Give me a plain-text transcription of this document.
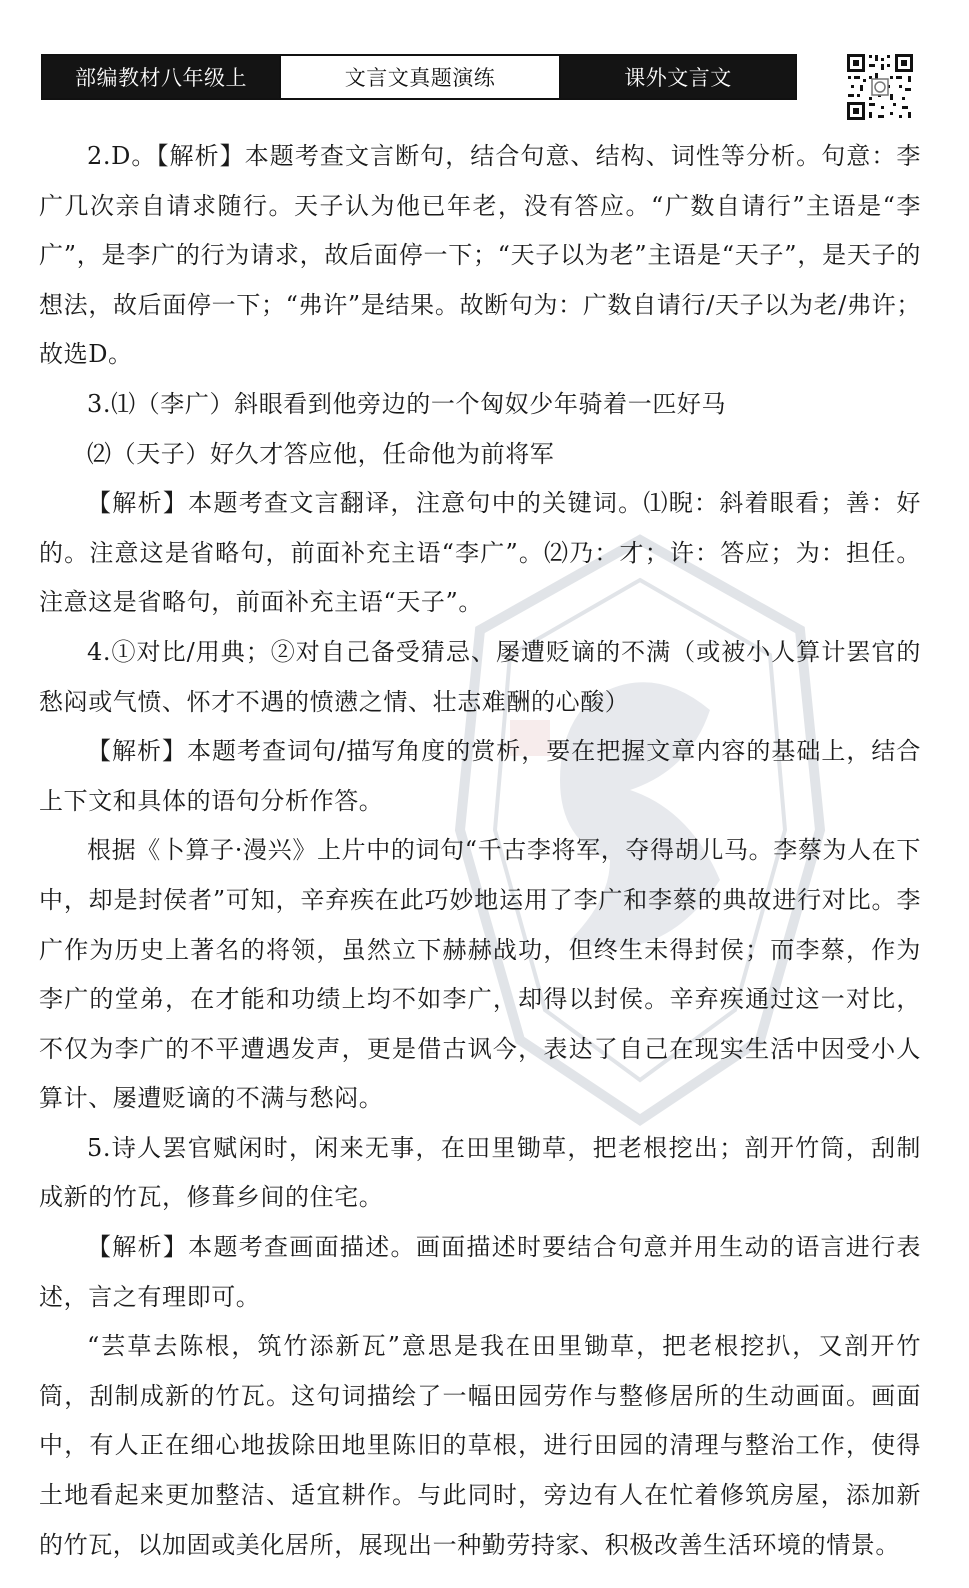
部编教材八年级上	文言文真题演练	课外文言文

2.D。【解析】本题考查文言断句，结合句意、结构、词性等分析。句意：李广几次亲自请求随行。天子认为他已年老，没有答应。“广数自请行”主语是“李广”，是李广的行为请求，故后面停一下；“天子以为老”主语是“天子”，是天子的想法，故后面停一下；“弗许”是结果。故断句为：广数自请行/天子以为老/弗许；故选D。

3.⑴（李广）斜眼看到他旁边的一个匈奴少年骑着一匹好马

⑵（天子）好久才答应他，任命他为前将军

【解析】本题考查文言翻译，注意句中的关键词。⑴睨：斜着眼看；善：好的。注意这是省略句，前面补充主语“李广”。⑵乃：才；许：答应；为：担任。注意这是省略句，前面补充主语“天子”。

4.①对比/用典；②对自己备受猜忌、屡遭贬谪的不满（或被小人算计罢官的愁闷或气愤、怀才不遇的愤懑之情、壮志难酬的心酸）

【解析】本题考查词句/描写角度的赏析，要在把握文章内容的基础上，结合上下文和具体的语句分析作答。

根据《卜算子·漫兴》上片中的词句“千古李将军，夺得胡儿马。李蔡为人在下中，却是封侯者”可知，辛弃疾在此巧妙地运用了李广和李蔡的典故进行对比。李广作为历史上著名的将领，虽然立下赫赫战功，但终生未得封侯；而李蔡，作为李广的堂弟，在才能和功绩上均不如李广，却得以封侯。辛弃疾通过这一对比，不仅为李广的不平遭遇发声，更是借古讽今，表达了自己在现实生活中因受小人算计、屡遭贬谪的不满与愁闷。

5.诗人罢官赋闲时，闲来无事，在田里锄草，把老根挖出；剖开竹筒，刮制成新的竹瓦，修葺乡间的住宅。

【解析】本题考查画面描述。画面描述时要结合句意并用生动的语言进行表述，言之有理即可。

“芸草去陈根，筑竹添新瓦”意思是我在田里锄草，把老根挖扒，又剖开竹筒，刮制成新的竹瓦。这句词描绘了一幅田园劳作与整修居所的生动画面。画面中，有人正在细心地拔除田地里陈旧的草根，进行田园的清理与整治工作，使得土地看起来更加整洁、适宜耕作。与此同时，旁边有人在忙着修筑房屋，添加新的竹瓦，以加固或美化居所，展现出一种勤劳持家、积极改善生活环境的情景。
